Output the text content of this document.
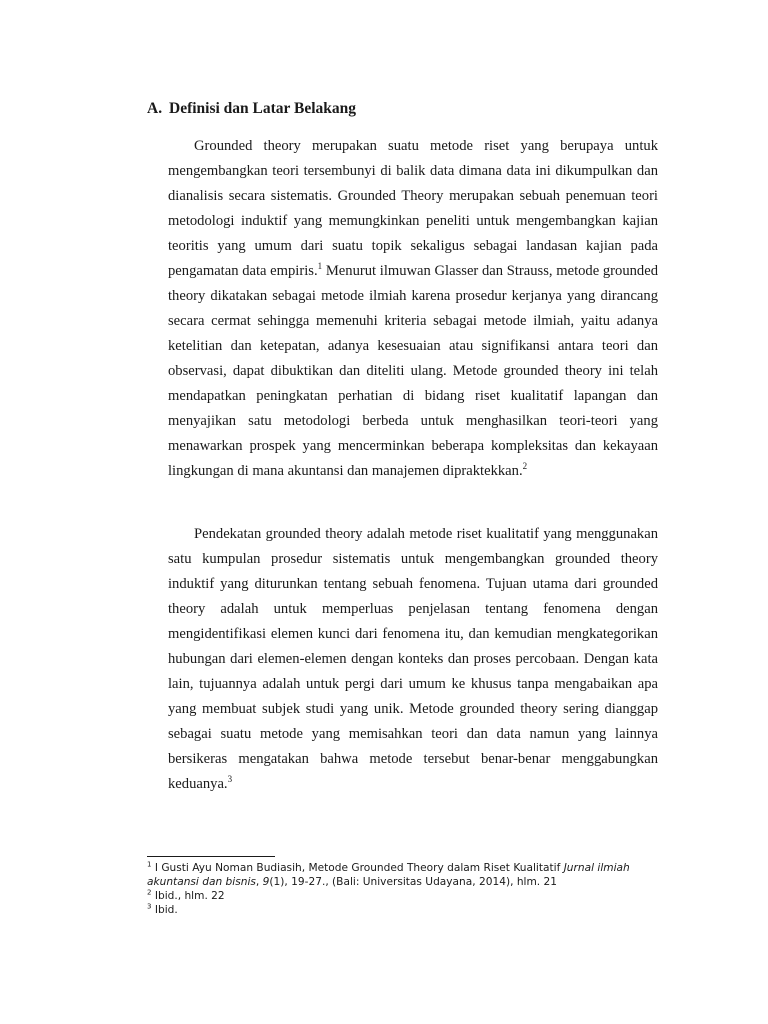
A. Definisi dan Latar Belakang

Grounded theory merupakan suatu metode riset yang berupaya untuk mengembangkan teori tersembunyi di balik data dimana data ini dikumpulkan dan dianalisis secara sistematis. Grounded Theory merupakan sebuah penemuan teori metodologi induktif yang memungkinkan peneliti untuk mengembangkan kajian teoritis yang umum dari suatu topik sekaligus sebagai landasan kajian pada pengamatan data empiris.$^1$ Menurut ilmuwan Glasser dan Strauss, metode grounded theory dikatakan sebagai metode ilmiah karena prosedur kerjanya yang dirancang secara cermat sehingga memenuhi kriteria sebagai metode ilmiah, yaitu adanya ketelitian dan ketepatan, adanya kesesuaian atau signifikansi antara teori dan observasi, dapat dibuktikan dan diteliti ulang. Metode grounded theory ini telah mendapatkan peningkatan perhatian di bidang riset kualitatif lapangan dan menyajikan satu metodologi berbeda untuk menghasilkan teori-teori yang menawarkan prospek yang mencerminkan beberapa kompleksitas dan kekayaan lingkungan di mana akuntansi dan manajemen dipraktekkan.$^2$

Pendekatan grounded theory adalah metode riset kualitatif yang menggunakan satu kumpulan prosedur sistematis untuk mengembangkan grounded theory induktif yang diturunkan tentang sebuah fenomena. Tujuan utama dari grounded theory adalah untuk memperluas penjelasan tentang fenomena dengan mengidentifikasi elemen kunci dari fenomena itu, dan kemudian mengkategorikan hubungan dari elemen-elemen dengan konteks dan proses percobaan. Dengan kata lain, tujuannya adalah untuk pergi dari umum ke khusus tanpa mengabaikan apa yang membuat subjek studi yang unik. Metode grounded theory sering dianggap sebagai suatu metode yang memisahkan teori dan data namun yang lainnya bersikeras mengatakan bahwa metode tersebut benar-benar menggabungkan keduanya.$^3$

$^1$ I Gusti Ayu Noman Budiasih, Metode Grounded Theory dalam Riset Kualitatif Jurnal ilmiah akuntansi dan bisnis, 9(1), 19-27., (Bali: Universitas Udayana, 2014), hlm. 21

$^2$ Ibid., hlm. 22

$^3$ Ibid.
